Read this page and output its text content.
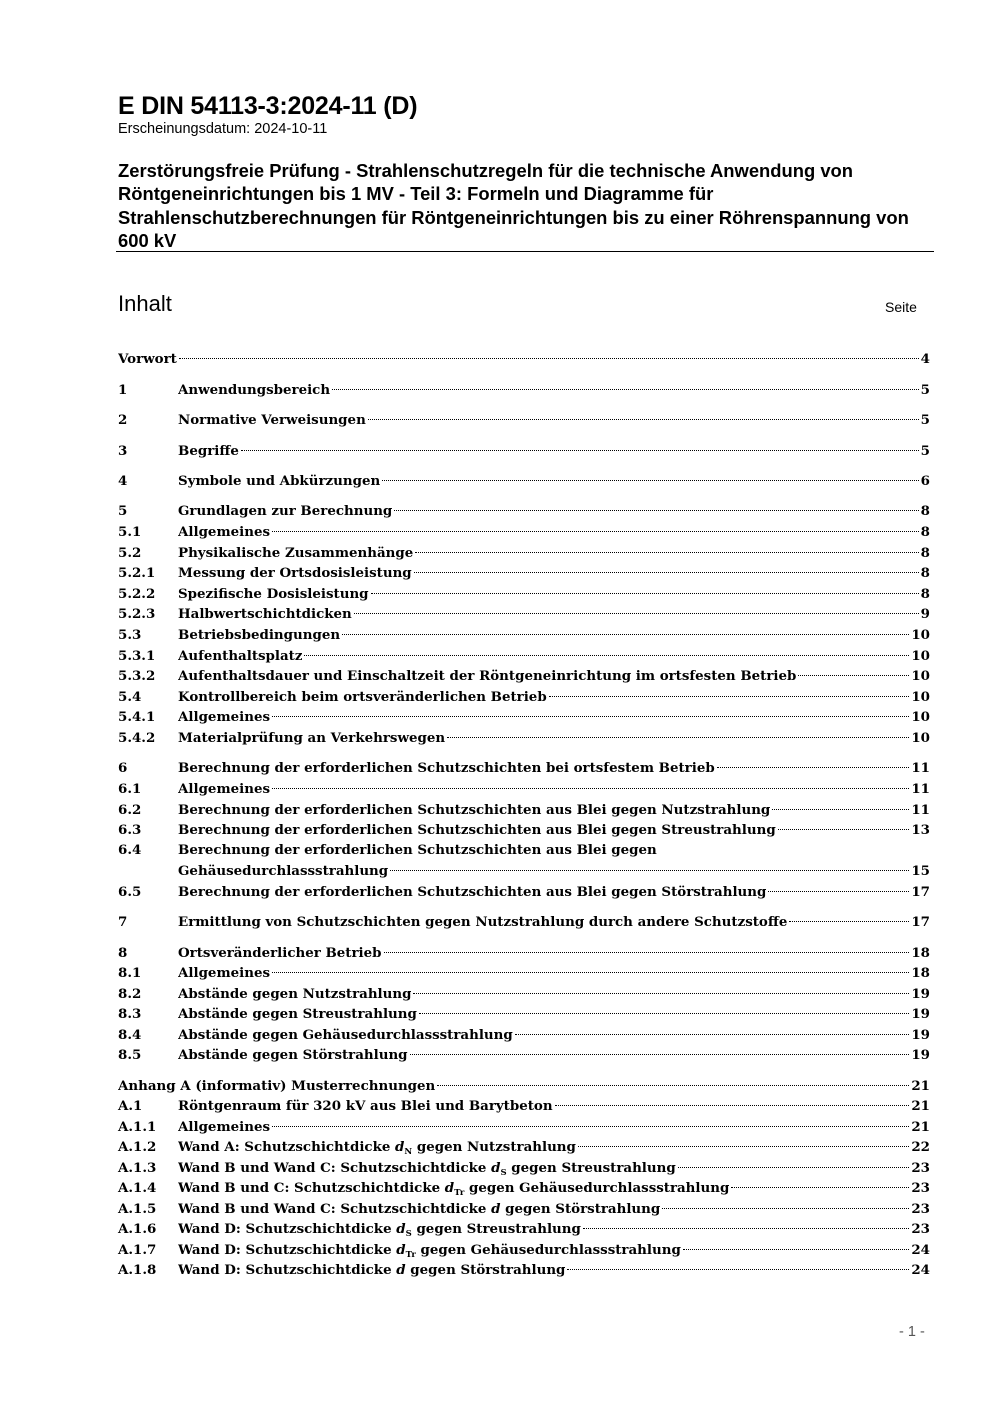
E DIN 54113-3:2024-11 (D)
Erscheinungsdatum: 2024-10-11
Zerstörungsfreie Prüfung - Strahlenschutzregeln für die technische Anwendung von Röntgeneinrichtungen bis 1 MV - Teil 3: Formeln und Diagramme für Strahlenschutzberechnungen für Röntgeneinrichtungen bis zu einer Röhrenspannung von 600 kV
Inhalt	Seite
Vorwort	4
1	Anwendungsbereich	5
2	Normative Verweisungen	5
3	Begriffe	5
4	Symbole und Abkürzungen	6
5	Grundlagen zur Berechnung	8
5.1	Allgemeines	8
5.2	Physikalische Zusammenhänge	8
5.2.1	Messung der Ortsdosisleistung	8
5.2.2	Spezifische Dosisleistung	8
5.2.3	Halbwertschichtdicken	9
5.3	Betriebsbedingungen	10
5.3.1	Aufenthaltsplatz	10
5.3.2	Aufenthaltsdauer und Einschaltzeit der Röntgeneinrichtung im ortsfesten Betrieb	10
5.4	Kontrollbereich beim ortsveränderlichen Betrieb	10
5.4.1	Allgemeines	10
5.4.2	Materialprüfung an Verkehrswegen	10
6	Berechnung der erforderlichen Schutzschichten bei ortsfestem Betrieb	11
6.1	Allgemeines	11
6.2	Berechnung der erforderlichen Schutzschichten aus Blei gegen Nutzstrahlung	11
6.3	Berechnung der erforderlichen Schutzschichten aus Blei gegen Streustrahlung	13
6.4	Berechnung der erforderlichen Schutzschichten aus Blei gegen
Gehäusedurchlassstrahlung	15
6.5	Berechnung der erforderlichen Schutzschichten aus Blei gegen Störstrahlung	17
7	Ermittlung von Schutzschichten gegen Nutzstrahlung durch andere Schutzstoffe	17
8	Ortsveränderlicher Betrieb	18
8.1	Allgemeines	18
8.2	Abstände gegen Nutzstrahlung	19
8.3	Abstände gegen Streustrahlung	19
8.4	Abstände gegen Gehäusedurchlassstrahlung	19
8.5	Abstände gegen Störstrahlung	19
Anhang A (informativ) Musterrechnungen	21
A.1	Röntgenraum für 320 kV aus Blei und Barytbeton	21
A.1.1	Allgemeines	21
A.1.2	Wand A: Schutzschichtdicke $d_N$ gegen Nutzstrahlung	22
A.1.3	Wand B und Wand C: Schutzschichtdicke $d_S$ gegen Streustrahlung	23
A.1.4	Wand B und C: Schutzschichtdicke $d_{Tr}$ gegen Gehäusedurchlassstrahlung	23
A.1.5	Wand B und Wand C: Schutzschichtdicke d gegen Störstrahlung	23
A.1.6	Wand D: Schutzschichtdicke $d_S$ gegen Streustrahlung	23
A.1.7	Wand D: Schutzschichtdicke $d_{Tr}$ gegen Gehäusedurchlassstrahlung	24
A.1.8	Wand D: Schutzschichtdicke d gegen Störstrahlung	24
- 1 -
